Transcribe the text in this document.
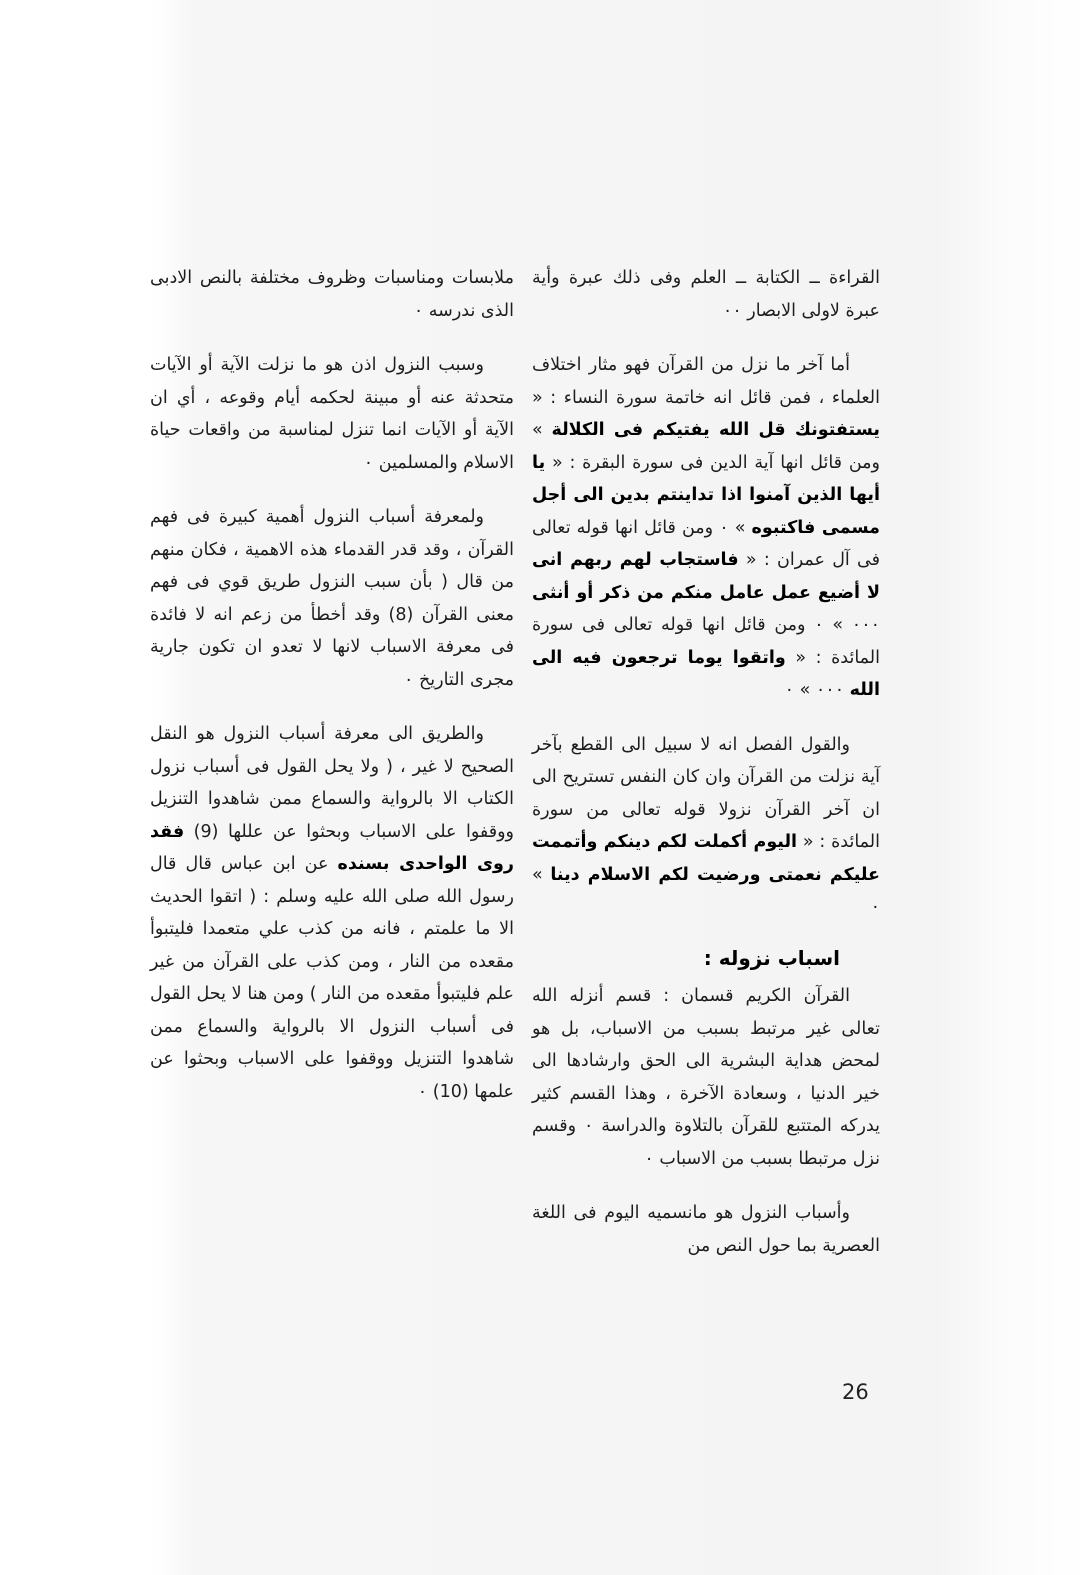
القراءة ــ الكتابة ــ العلم وفى ذلك عبرة وأية عبرة لاولى الابصار ٠٠

أما آخر ما نزل من القرآن فهو مثار اختلاف العلماء ، فمن قائل انه خاتمة سورة النساء : « يستفتونك قل الله يفتيكم فى الكلالة » ومن قائل انها آية الدين فى سورة البقرة : « يا أيها الذين آمنوا اذا تداينتم بدين الى أجل مسمى فاكتبوه » ٠ ومن قائل انها قوله تعالى فى آل عمران : « فاستجاب لهم ربهم انى لا أضيع عمل عامل منكم من ذكر أو أنثى ٠٠٠ » ٠ ومن قائل انها قوله تعالى فى سورة المائدة : « واتقوا يوما ترجعون فيه الى الله ٠٠٠ » ٠

والقول الفصل انه لا سبيل الى القطع بآخر آية نزلت من القرآن وان كان النفس تستريح الى ان آخر القرآن نزولا قوله تعالى من سورة المائدة : « اليوم أكملت لكم دينكم وأتممت عليكم نعمتى ورضيت لكم الاسلام دينا » ٠

اسباب نزوله :

القرآن الكريم قسمان : قسم أنزله الله تعالى غير مرتبط بسبب من الاسباب، بل هو لمحض هداية البشرية الى الحق وارشادها الى خير الدنيا ، وسعادة الآخرة ، وهذا القسم كثير يدركه المتتبع للقرآن بالتلاوة والدراسة ٠ وقسم نزل مرتبطا بسبب من الاسباب ٠

وأسباب النزول هو مانسميه اليوم فى اللغة العصرية بما حول النص من

ملابسات ومناسبات وظروف مختلفة بالنص الادبى الذى ندرسه ٠

وسبب النزول اذن هو ما نزلت الآية أو الآيات متحدثة عنه أو مبينة لحكمه أيام وقوعه ، أي ان الآية أو الآيات انما تنزل لمناسبة من واقعات حياة الاسلام والمسلمين ٠

ولمعرفة أسباب النزول أهمية كبيرة فى فهم القرآن ، وقد قدر القدماء هذه الاهمية ، فكان منهم من قال ( بأن سبب النزول طريق قوي فى فهم معنى القرآن (8) وقد أخطأ من زعم انه لا فائدة فى معرفة الاسباب لانها لا تعدو ان تكون جارية مجرى التاريخ ٠

والطريق الى معرفة أسباب النزول هو النقل الصحيح لا غير ، ( ولا يحل القول فى أسباب نزول الكتاب الا بالرواية والسماع ممن شاهدوا التنزيل ووقفوا على الاسباب وبحثوا عن عللها (9) فقد روى الواحدى بسنده عن ابن عباس قال قال رسول الله صلى الله عليه وسلم : ( اتقوا الحديث الا ما علمتم ، فانه من كذب علي متعمدا فليتبوأ مقعده من النار ، ومن كذب على القرآن من غير علم فليتبوأ مقعده من النار ) ومن هنا لا يحل القول فى أسباب النزول الا بالرواية والسماع ممن شاهدوا التنزيل ووقفوا على الاسباب وبحثوا عن علمها (10) ٠

26
